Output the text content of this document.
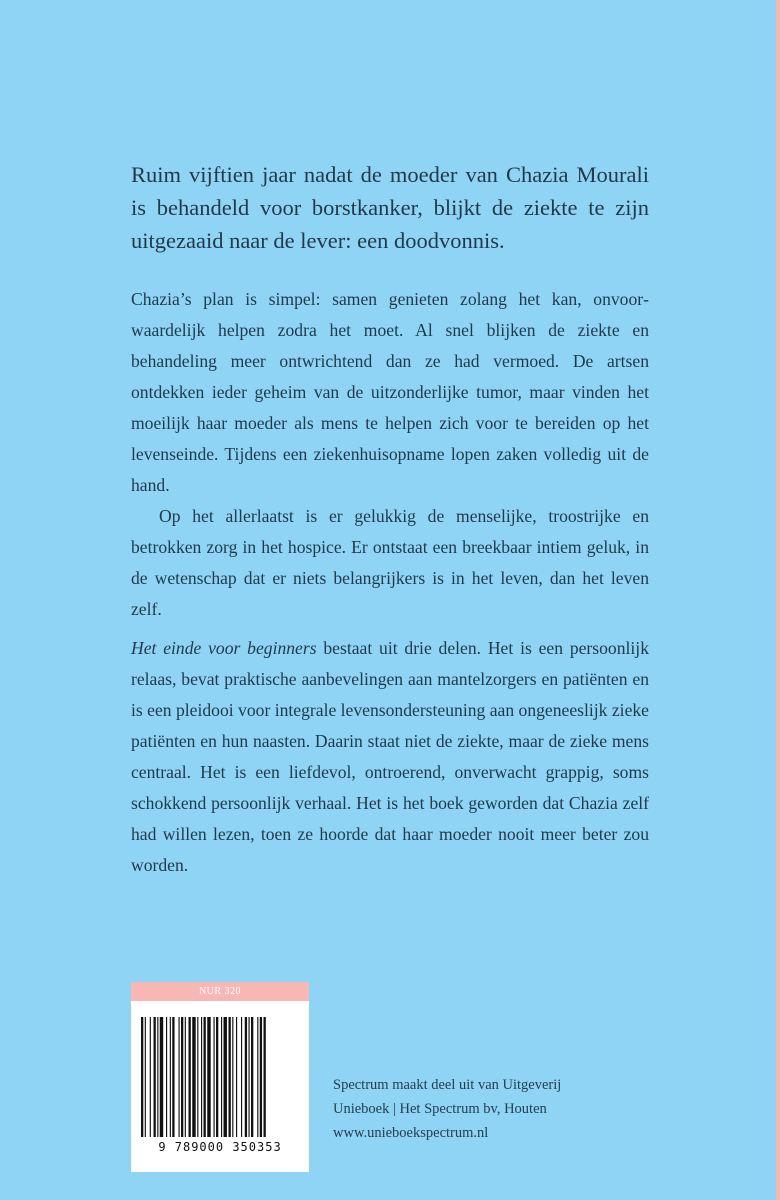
Ruim vijftien jaar nadat de moeder van Chazia Mourali is behandeld voor borstkanker, blijkt de ziekte te zijn uitgezaaid naar de lever: een doodvonnis.

Chazia’s plan is simpel: samen genieten zolang het kan, onvoorwaardelijk helpen zodra het moet. Al snel blijken de ziekte en behandeling meer ontwrichtend dan ze had vermoed. De artsen ontdekken ieder geheim van de uitzonderlijke tumor, maar vinden het moeilijk haar moeder als mens te helpen zich voor te bereiden op het levenseinde. Tijdens een ziekenhuisopname lopen zaken volledig uit de hand.

Op het allerlaatst is er gelukkig de menselijke, troostrijke en betrokken zorg in het hospice. Er ontstaat een breekbaar intiem geluk, in de wetenschap dat er niets belangrijkers is in het leven, dan het leven zelf.

Het einde voor beginners bestaat uit drie delen. Het is een persoonlijk relaas, bevat praktische aanbevelingen aan mantelzorgers en patiënten en is een pleidooi voor integrale levensondersteuning aan ongeneeslijk zieke patiënten en hun naasten. Daarin staat niet de ziekte, maar de zieke mens centraal. Het is een liefdevol, ontroerend, onverwacht grappig, soms schokkend persoonlijk verhaal. Het is het boek geworden dat Chazia zelf had willen lezen, toen ze hoorde dat haar moeder nooit meer beter zou worden.

NUR 320
9 789000 350353
Spectrum maakt deel uit van Uitgeverij
Unieboek | Het Spectrum bv, Houten
www.unieboekspectrum.nl
